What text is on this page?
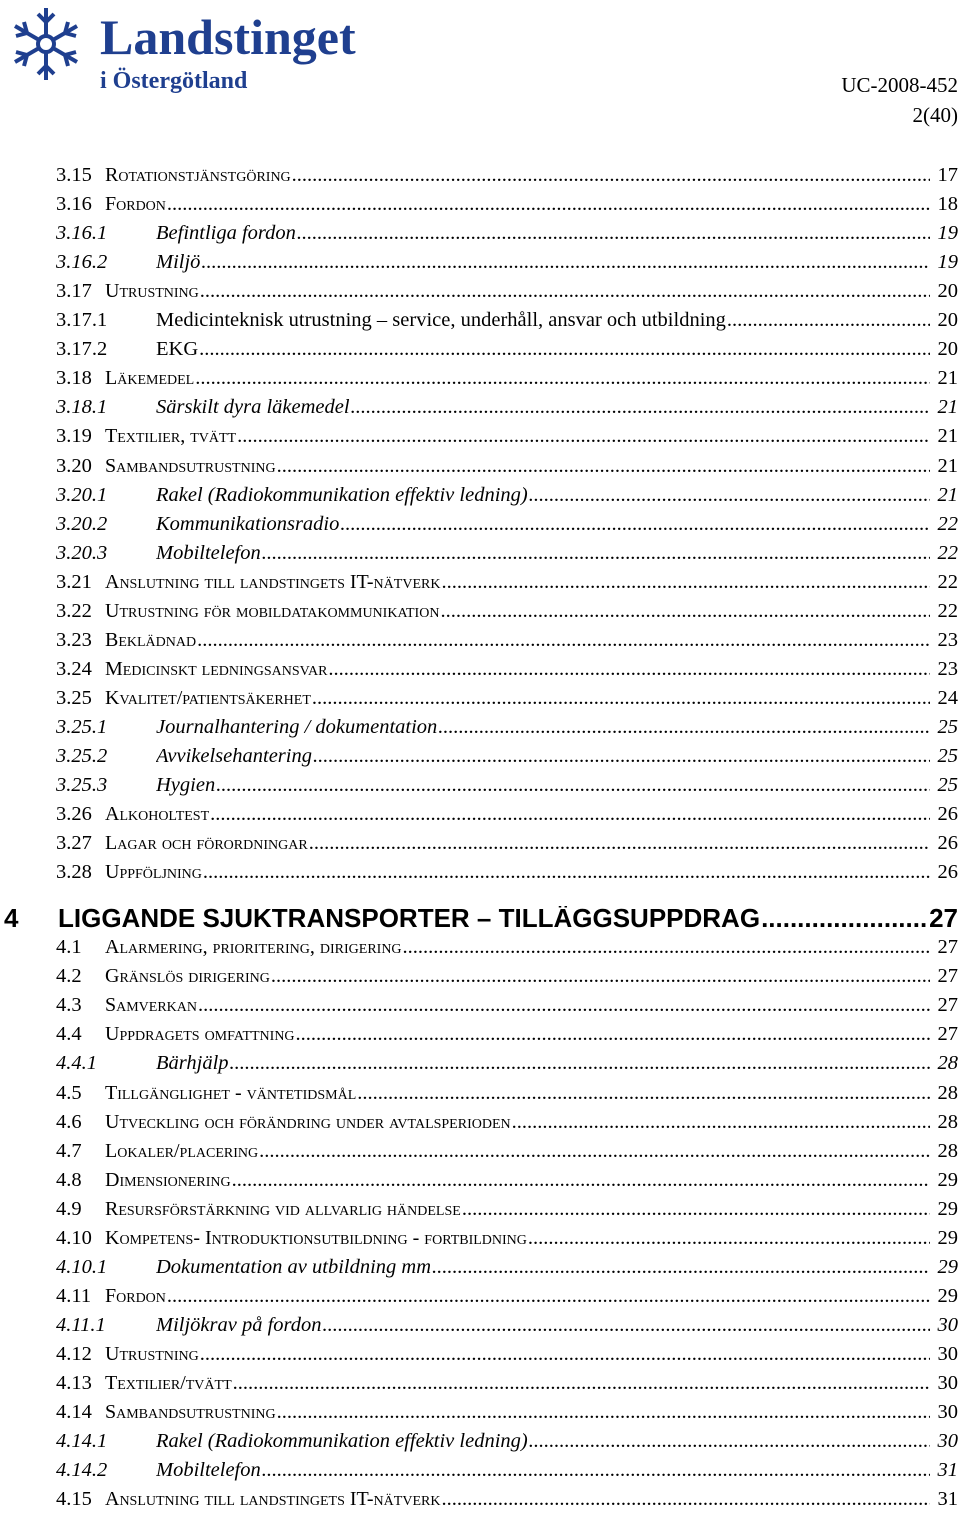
Landstinget
i Östergötland	UC-2008-452
2(40)
3.15 Rotationstjänstgöring .....	17
3.16 Fordon .....	18
3.16.1 Befintliga fordon .....	19
3.16.2 Miljö .....	19
3.17 Utrustning .....	20
3.17.1 Medicinteknisk utrustning – service, underhåll, ansvar och utbildning .....	20
3.17.2 EKG .....	20
3.18 Läkemedel .....	21
3.18.1 Särskilt dyra läkemedel .....	21
3.19 Textilier, tvätt .....	21
3.20 Sambandsutrustning .....	21
3.20.1 Rakel (Radiokommunikation effektiv ledning) .....	21
3.20.2 Kommunikationsradio .....	22
3.20.3 Mobiltelefon .....	22
3.21 Anslutning till landstingets IT-nätverk .....	22
3.22 Utrustning för mobildatakommunikation .....	22
3.23 Beklädnad .....	23
3.24 Medicinskt ledningsansvar .....	23
3.25 Kvalitet/patientsäkerhet .....	24
3.25.1 Journalhantering / dokumentation .....	25
3.25.2 Avvikelsehantering .....	25
3.25.3 Hygien .....	25
3.26 Alkoholtest .....	26
3.27 Lagar och förordningar .....	26
3.28 Uppföljning .....	26
4 LIGGANDE SJUKTRANSPORTER – TILLÄGGSUPPDRAG .....	27
4.1 Alarmering, prioritering, dirigering .....	27
4.2 Gränslös dirigering .....	27
4.3 Samverkan .....	27
4.4 Uppdragets omfattning .....	27
4.4.1	Bärhjälp .....	28
4.5 Tillgänglighet - väntetidsmål .....	28
4.6 Utveckling och förändring under avtalsperioden .....	28
4.7 Lokaler/placering .....	28
4.8 Dimensionering .....	29
4.9 Resursförstärkning vid allvarlig händelse .....	29
4.10 Kompetens- Introduktionsutbildning - fortbildning .....	29
4.10.1 Dokumentation av utbildning mm .....	29
4.11 Fordon .....	29
4.11.1 Miljökrav på fordon .....	30
4.12 Utrustning .....	30
4.13 Textilier/tvätt .....	30
4.14 Sambandsutrustning .....	30
4.14.1 Rakel (Radiokommunikation effektiv ledning) .....	30
4.14.2 Mobiltelefon .....	31
4.15 Anslutning till landstingets IT-nätverk .....	31
